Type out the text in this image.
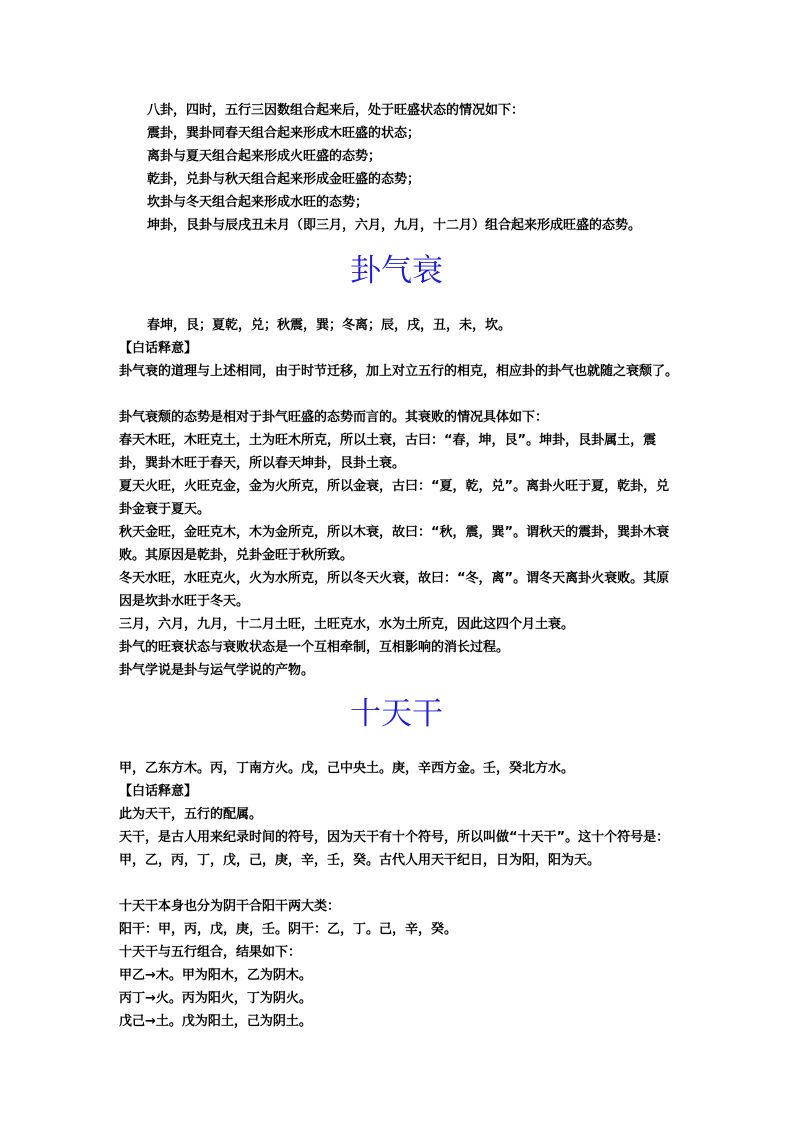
八卦，四时，五行三因数组合起来后，处于旺盛状态的情况如下：

震卦，巽卦同春天组合起来形成木旺盛的状态；

离卦与夏天组合起来形成火旺盛的态势；

乾卦，兑卦与秋天组合起来形成金旺盛的态势；

坎卦与冬天组合起来形成水旺的态势；

坤卦，艮卦与辰戌丑未月（即三月，六月，九月，十二月）组合起来形成旺盛的态势。

卦气衰

春坤，艮；夏乾，兑；秋震，巽；冬离；辰，戌，丑，未，坎。

【白话释意】

卦气衰的道理与上述相同，由于时节迁移，加上对立五行的相克，相应卦的卦气也就随之衰颓了。

卦气衰颓的态势是相对于卦气旺盛的态势而言的。其衰败的情况具体如下：

春天木旺，木旺克土，土为旺木所克，所以土衰，古曰：“春，坤，艮”。坤卦，艮卦属土，震卦，巽卦木旺于春天，所以春天坤卦，艮卦土衰。

夏天火旺，火旺克金，金为火所克，所以金衰，古曰：“夏，乾，兑”。离卦火旺于夏，乾卦，兑卦金衰于夏天。

秋天金旺，金旺克木，木为金所克，所以木衰，故曰：“秋，震，巽”。谓秋天的震卦，巽卦木衰败。其原因是乾卦，兑卦金旺于秋所致。

冬天水旺，水旺克火，火为水所克，所以冬天火衰，故曰：“冬，离”。谓冬天离卦火衰败。其原因是坎卦水旺于冬天。

三月，六月，九月，十二月土旺，土旺克水，水为土所克，因此这四个月土衰。

卦气的旺衰状态与衰败状态是一个互相牵制，互相影响的消长过程。

卦气学说是卦与运气学说的产物。

十天干

甲，乙东方木。丙，丁南方火。戊，己中央土。庚，辛西方金。壬，癸北方水。

【白话释意】

此为天干，五行的配属。

天干，是古人用来纪录时间的符号，因为天干有十个符号，所以叫做“十天干”。这十个符号是：甲，乙，丙，丁，戊，己，庚，辛，壬，癸。古代人用天干纪日，日为阳，阳为天。

十天干本身也分为阴干合阳干两大类：

阳干：甲，丙，戊，庚，壬。阴干：乙，丁。己，辛，癸。

十天干与五行组合，结果如下：

甲乙→木。甲为阳木，乙为阴木。

丙丁→火。丙为阳火，丁为阴火。

戊己→土。戊为阳土，己为阴土。
